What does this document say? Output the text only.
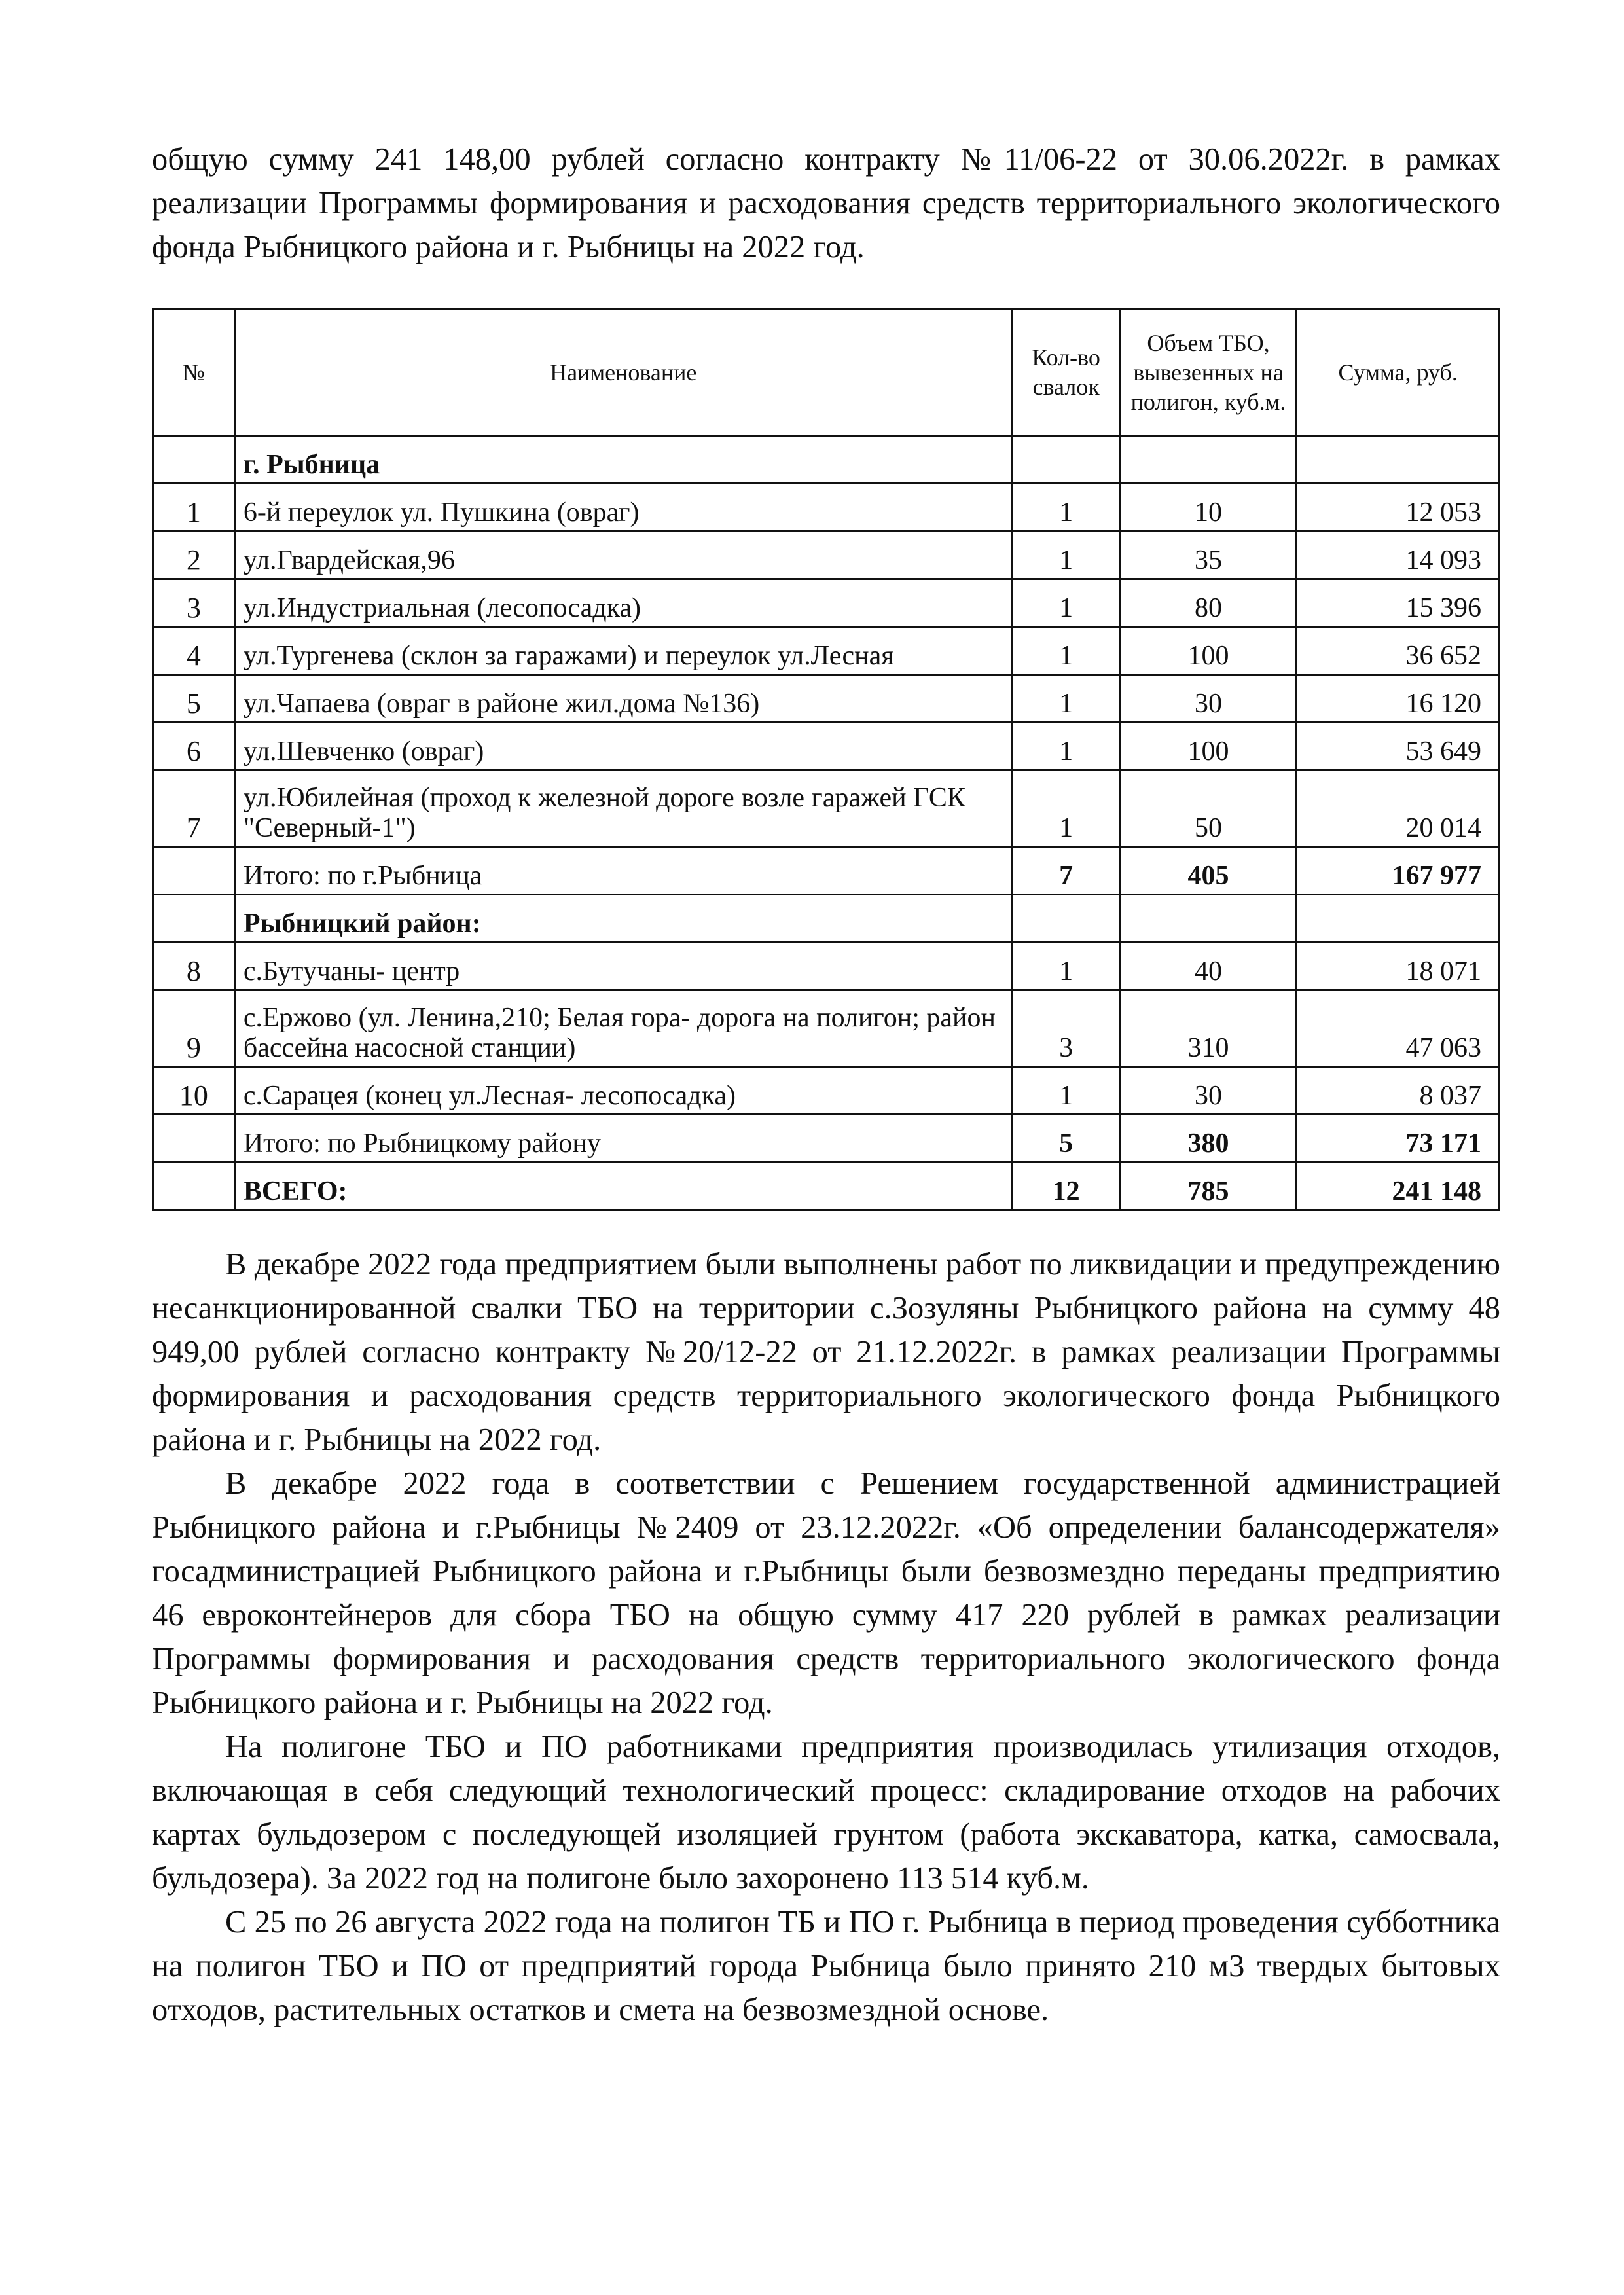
общую сумму 241 148,00 рублей согласно контракту №11/06-22 от 30.06.2022г. в рамках реализации Программы формирования и расходования средств территориального экологического фонда Рыбницкого района и г. Рыбницы на 2022 год.

№	Наименование	Кол-во свалок	Объем ТБО, вывезенных на полигон, куб.м.	Сумма, руб.
	г. Рыбница			
1	6-й переулок ул. Пушкина (овраг)	1	10	12 053
2	ул.Гвардейская,96	1	35	14 093
3	ул.Индустриальная (лесопосадка)	1	80	15 396
4	ул.Тургенева (склон за гаражами) и переулок ул.Лесная	1	100	36 652
5	ул.Чапаева (овраг в районе жил.дома №136)	1	30	16 120
6	ул.Шевченко (овраг)	1	100	53 649
7	ул.Юбилейная (проход к железной дороге возле гаражей ГСК "Северный-1")	1	50	20 014
	Итого: по г.Рыбница	7	405	167 977
	Рыбницкий район:			
8	с.Бутучаны- центр	1	40	18 071
9	с.Ержово (ул. Ленина,210; Белая гора- дорога на полигон; район бассейна насосной станции)	3	310	47 063
10	с.Сарацея (конец ул.Лесная- лесопосадка)	1	30	8 037
	Итого: по Рыбницкому району	5	380	73 171
	ВСЕГО:	12	785	241 148

В декабре 2022 года предприятием были выполнены работ по ликвидации и предупреждению несанкционированной свалки ТБО на территории с.Зозуляны Рыбницкого района на сумму 48 949,00 рублей согласно контракту №20/12-22 от 21.12.2022г. в рамках реализации Программы формирования и расходования средств территориального экологического фонда Рыбницкого района и г. Рыбницы на 2022 год.

В декабре 2022 года в соответствии с Решением государственной администрацией Рыбницкого района и г.Рыбницы №2409 от 23.12.2022г. «Об определении балансодержателя» госадминистрацией Рыбницкого района и г.Рыбницы были безвозмездно переданы предприятию 46 евроконтейнеров для сбора ТБО на общую сумму 417 220 рублей в рамках реализации Программы формирования и расходования средств территориального экологического фонда Рыбницкого района и г. Рыбницы на 2022 год.

На полигоне ТБО и ПО работниками предприятия производилась утилизация отходов, включающая в себя следующий технологический процесс: складирование отходов на рабочих картах бульдозером с последующей изоляцией грунтом (работа экскаватора, катка, самосвала, бульдозера). За 2022 год на полигоне было захоронено 113 514 куб.м.

С 25 по 26 августа 2022 года на полигон ТБ и ПО г. Рыбница в период проведения субботника на полигон ТБО и ПО от предприятий города Рыбница было принято 210 м3 твердых бытовых отходов, растительных остатков и смета на безвозмездной основе.
